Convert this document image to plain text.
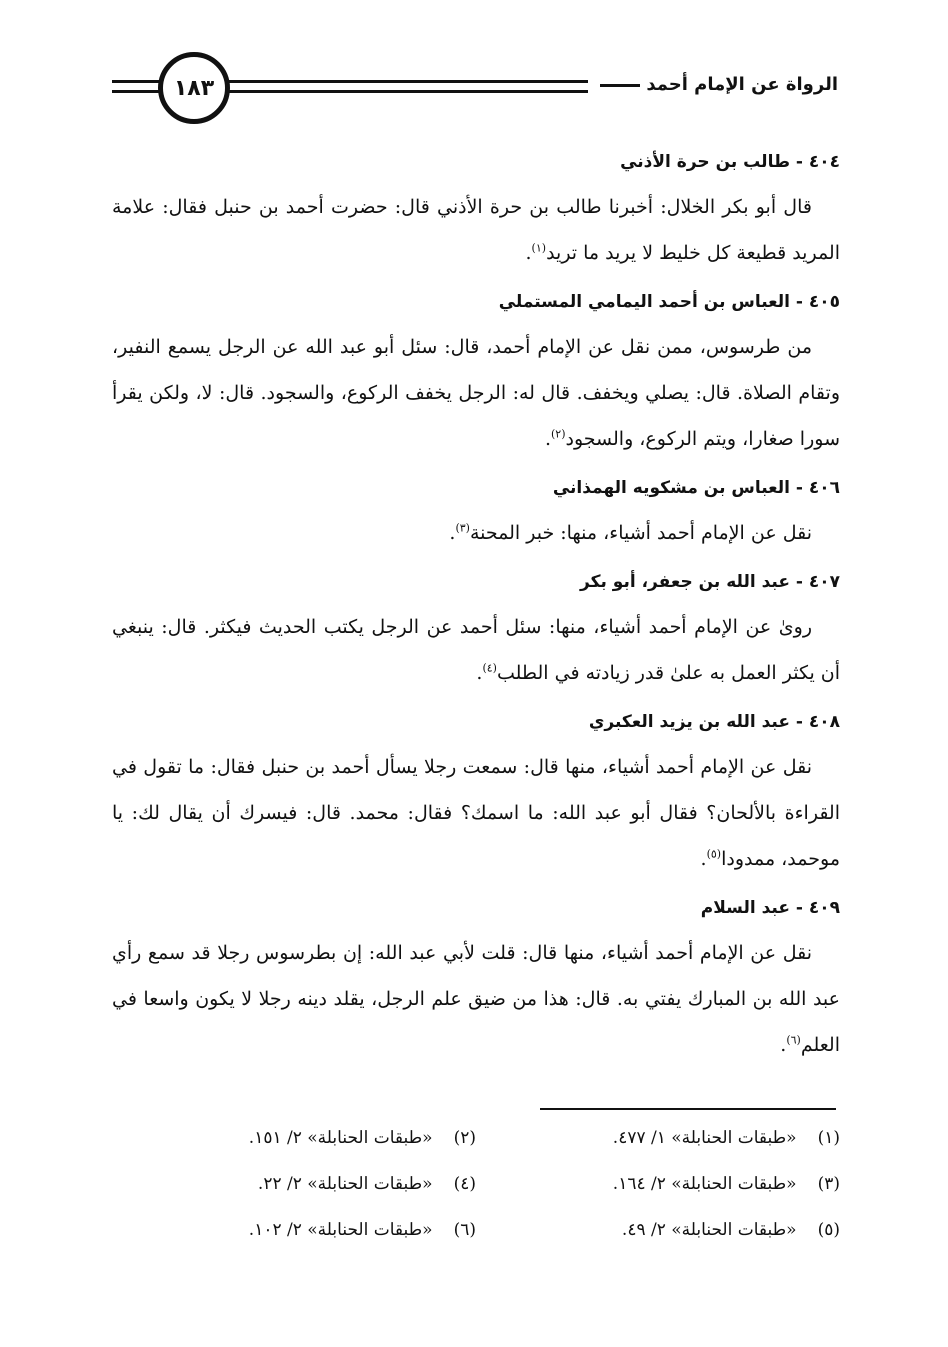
الرواة عن الإمام أحمد
١٨٣

٤٠٤ - طالب بن حرة الأذني

قال أبو بكر الخلال: أخبرنا طالب بن حرة الأذني قال: حضرت أحمد بن حنبل فقال: علامة المريد قطيعة كل خليط لا يريد ما تريد$^{(١)}$.

٤٠٥ - العباس بن أحمد اليمامي المستملي

من طرسوس، ممن نقل عن الإمام أحمد، قال: سئل أبو عبد الله عن الرجل يسمع النفير، وتقام الصلاة. قال: يصلي ويخفف. قال له: الرجل يخفف الركوع، والسجود. قال: لا، ولكن يقرأ سورا صغارا، ويتم الركوع، والسجود$^{(٢)}$.

٤٠٦ - العباس بن مشكويه الهمذاني

نقل عن الإمام أحمد أشياء، منها: خبر المحنة$^{(٣)}$.

٤٠٧ - عبد الله بن جعفر، أبو بكر

روىٰ عن الإمام أحمد أشياء، منها: سئل أحمد عن الرجل يكتب الحديث فيكثر. قال: ينبغي أن يكثر العمل به علىٰ قدر زيادته في الطلب$^{(٤)}$.

٤٠٨ - عبد الله بن يزيد العكبري

نقل عن الإمام أحمد أشياء، منها قال: سمعت رجلا يسأل أحمد بن حنبل فقال: ما تقول في القراءة بالألحان؟ فقال أبو عبد الله: ما اسمك؟ فقال: محمد. قال: فيسرك أن يقال لك: يا موحمد، ممدودا$^{(٥)}$.

٤٠٩ - عبد السلام

نقل عن الإمام أحمد أشياء، منها قال: قلت لأبي عبد الله: إن بطرسوس رجلا قد سمع رأي عبد الله بن المبارك يفتي به. قال: هذا من ضيق علم الرجل، يقلد دينه رجلا لا يكون واسعا في العلم$^{(٦)}$.

(١) «طبقات الحنابلة» ١/ ٤٧٧.
(٢) «طبقات الحنابلة» ٢/ ١٥١.
(٣) «طبقات الحنابلة» ٢/ ١٦٤.
(٤) «طبقات الحنابلة» ٢/ ٢٢.
(٥) «طبقات الحنابلة» ٢/ ٤٩.
(٦) «طبقات الحنابلة» ٢/ ١٠٢.
